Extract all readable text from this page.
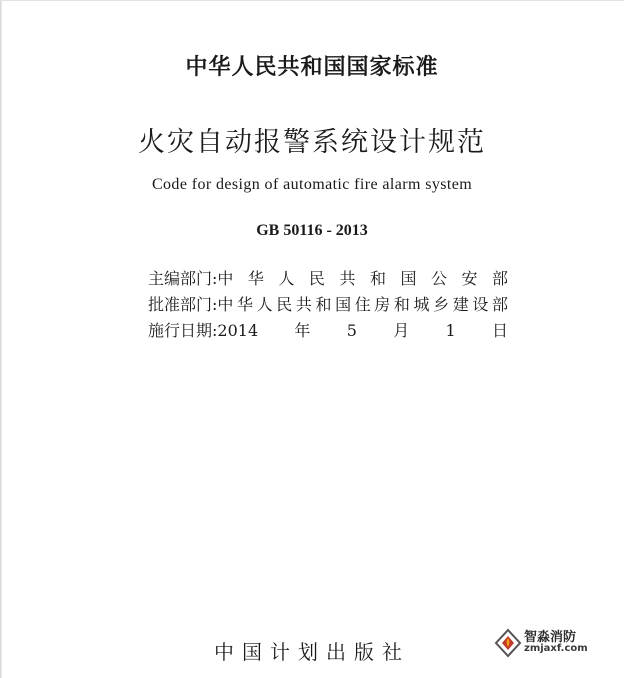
中华人民共和国国家标准
火灾自动报警系统设计规范
Code for design of automatic fire alarm system
GB 50116 - 2013
主编部门: 中华人民共和国公安部
批准部门: 中华人民共和国住房和城乡建设部
施行日期: 2014年5月1日
中国计划出版社
智淼消防
zmjaxf.com
